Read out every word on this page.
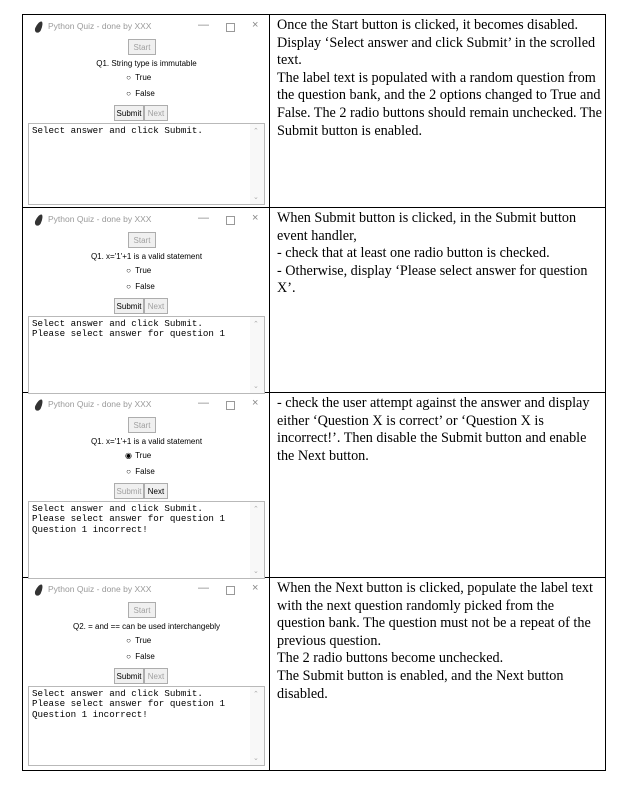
Python Quiz - done by XXX	—	×
Start
Q1. String type is immutable
○ True
○ False
Submit Next
Select answer and click Submit.	⌃
⌄
Once the Start button is clicked, it becomes disabled. Display ‘Select answer and click Submit’ in the scrolled text.
The label text is populated with a random question from the question bank, and the 2 options changed to True and False. The 2 radio buttons should remain unchecked. The Submit button is enabled.
Python Quiz - done by XXX	—	×
Start
Q1. x='1'+1 is a valid statement
○ True
○ False
Submit Next
Select answer and click Submit.
Please select answer for question 1
⌃
⌄
When Submit button is clicked, in the Submit button event handler,
- check that at least one radio button is checked.
- Otherwise, display ‘Please select answer for question X’.
Python Quiz - done by XXX	—	×
Start
Q1. x='1'+1 is a valid statement
◉ True
○ False
Submit Next
Select answer and click Submit.
Please select answer for question 1
Question 1 incorrect!
⌃
⌄
- check the user attempt against the answer and display either ‘Question X is correct’ or ‘Question X is incorrect!’. Then disable the Submit button and enable the Next button.
Python Quiz - done by XXX	—	×
Start
Q2. = and == can be used interchangebly
○ True
○ False
Submit Next
Select answer and click Submit.
Please select answer for question 1
Question 1 incorrect!
⌃
⌄
When the Next button is clicked, populate the label text with the next question randomly picked from the question bank. The question must not be a repeat of the previous question.
The 2 radio buttons become unchecked.
The Submit button is enabled, and the Next button disabled.
